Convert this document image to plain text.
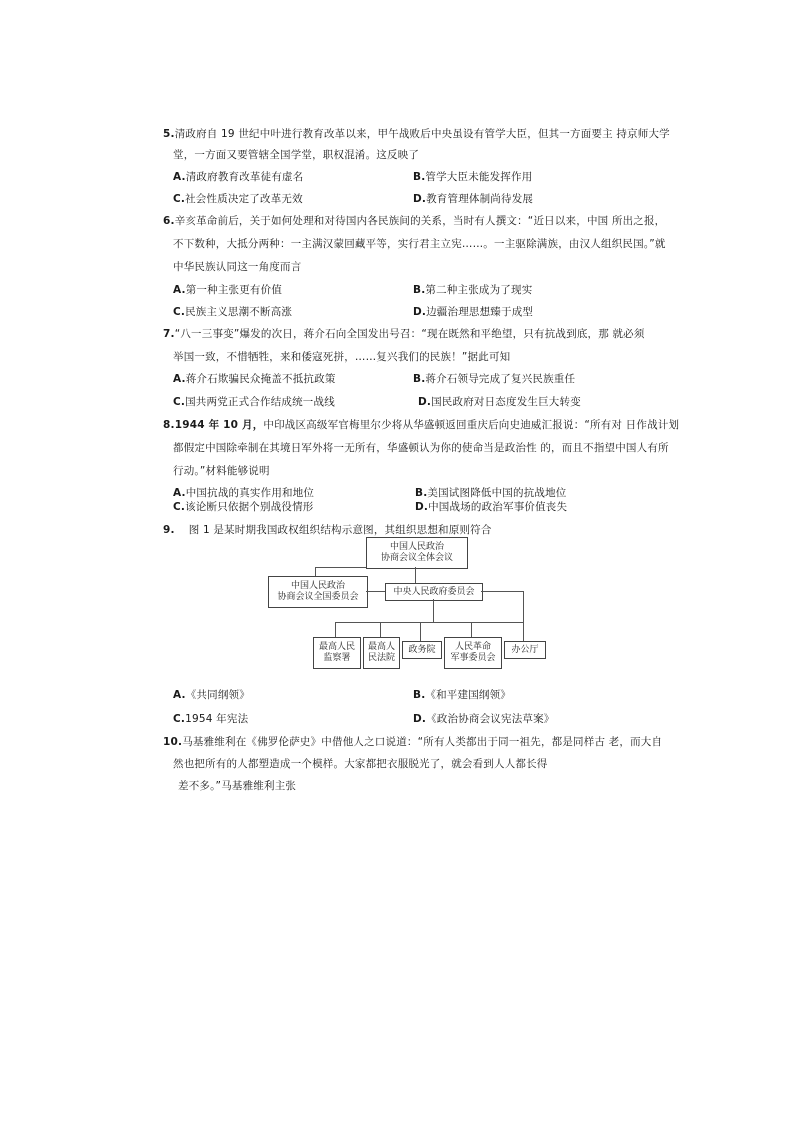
5.清政府自 19 世纪中叶进行教育改革以来，甲午战败后中央虽设有管学大臣，但其一方面要主 持京师大学
堂，一方面又要管辖全国学堂，职权混淆。这反映了
A.清政府教育改革徒有虚名	B.管学大臣未能发挥作用
C.社会性质决定了改革无效	D.教育管理体制尚待发展
6.辛亥革命前后，关于如何处理和对待国内各民族间的关系，当时有人撰文：“近日以来，中国 所出之报，
不下数种，大抵分两种：一主满汉蒙回藏平等，实行君主立宪……。一主驱除满族，由汉人组织民国。”就
中华民族认同这一角度而言
A.第一种主张更有价值	B.第二种主张成为了现实
C.民族主义思潮不断高涨	D.边疆治理思想臻于成型
7.“八一三事变”爆发的次日，蒋介石向全国发出号召：“现在既然和平绝望，只有抗战到底，那 就必须
举国一致，不惜牺牲，来和倭寇死拼，……复兴我们的民族！”据此可知
A.蒋介石欺骗民众掩盖不抵抗政策	B.蒋介石领导完成了复兴民族重任
C.国共两党正式合作结成统一战线	D.国民政府对日态度发生巨大转变
8.1944 年 10 月，中印战区高级军官梅里尔少将从华盛顿返回重庆后向史迪威汇报说：“所有对 日作战计划
都假定中国除牵制在其境日军外将一无所有，华盛顿认为你的使命当是政治性 的，而且不指望中国人有所
行动。”材料能够说明
A.中国抗战的真实作用和地位	B.美国试图降低中国的抗战地位
C.该论断只依据个别战役情形	D.中国战场的政治军事价值丧失
9. 图 1 是某时期我国政权组织结构示意图，其组织思想和原则符合
中国人民政治
协商会议全体会议
中国人民政治
协商会议全国委员会
中央人民政府委员会
最高人民
监察署
最高人
民法院
政务院 人民革命
军事委员会
办公厅
A.《共同纲领》	B.《和平建国纲领》
C.1954 年宪法	D.《政治协商会议宪法草案》
10.马基雅维利在《佛罗伦萨史》中借他人之口说道：“所有人类都出于同一祖先，都是同样古 老，而大自
然也把所有的人都塑造成一个模样。大家都把衣服脱光了，就会看到人人都长得
差不多。”马基雅维利主张
